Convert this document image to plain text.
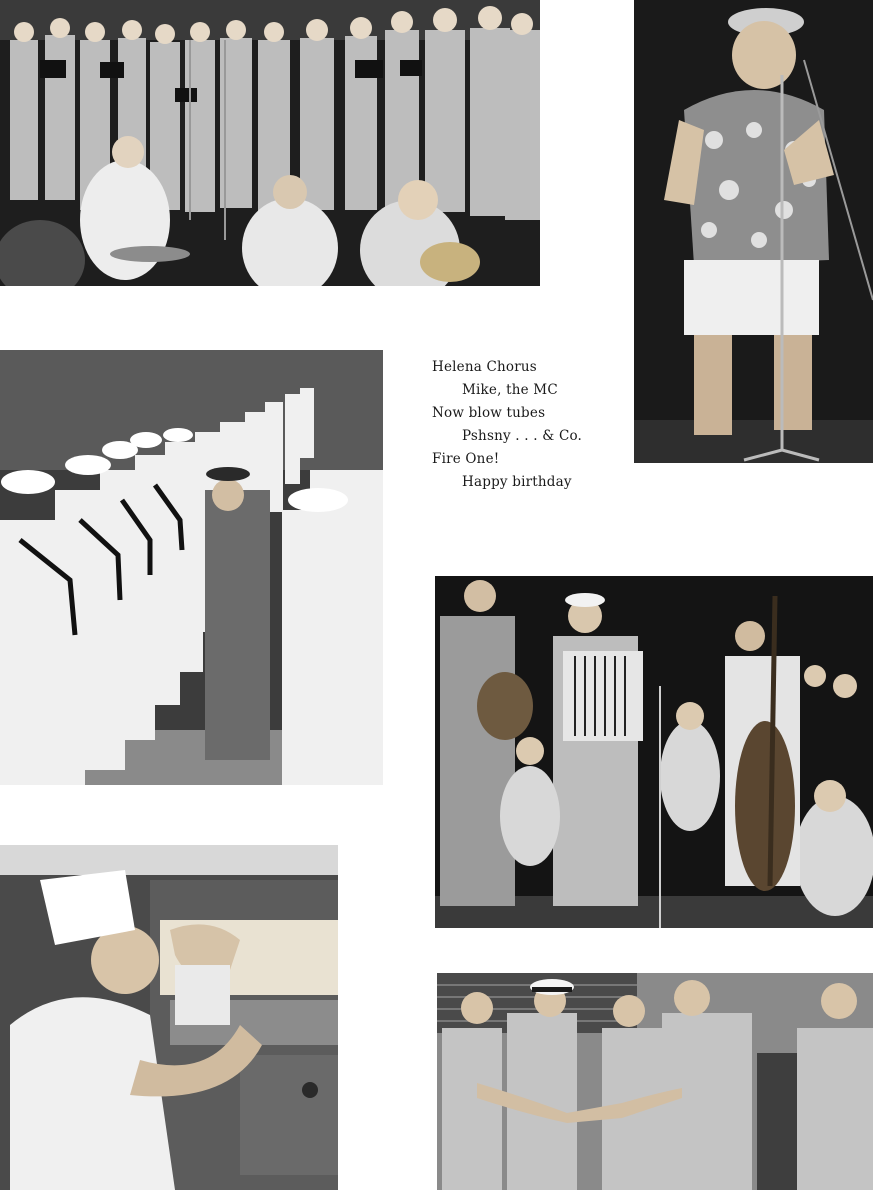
Helena Chorus
Mike, the MC
Now blow tubes
Pshsny . . . & Co.
Fire One!
Happy birthday
